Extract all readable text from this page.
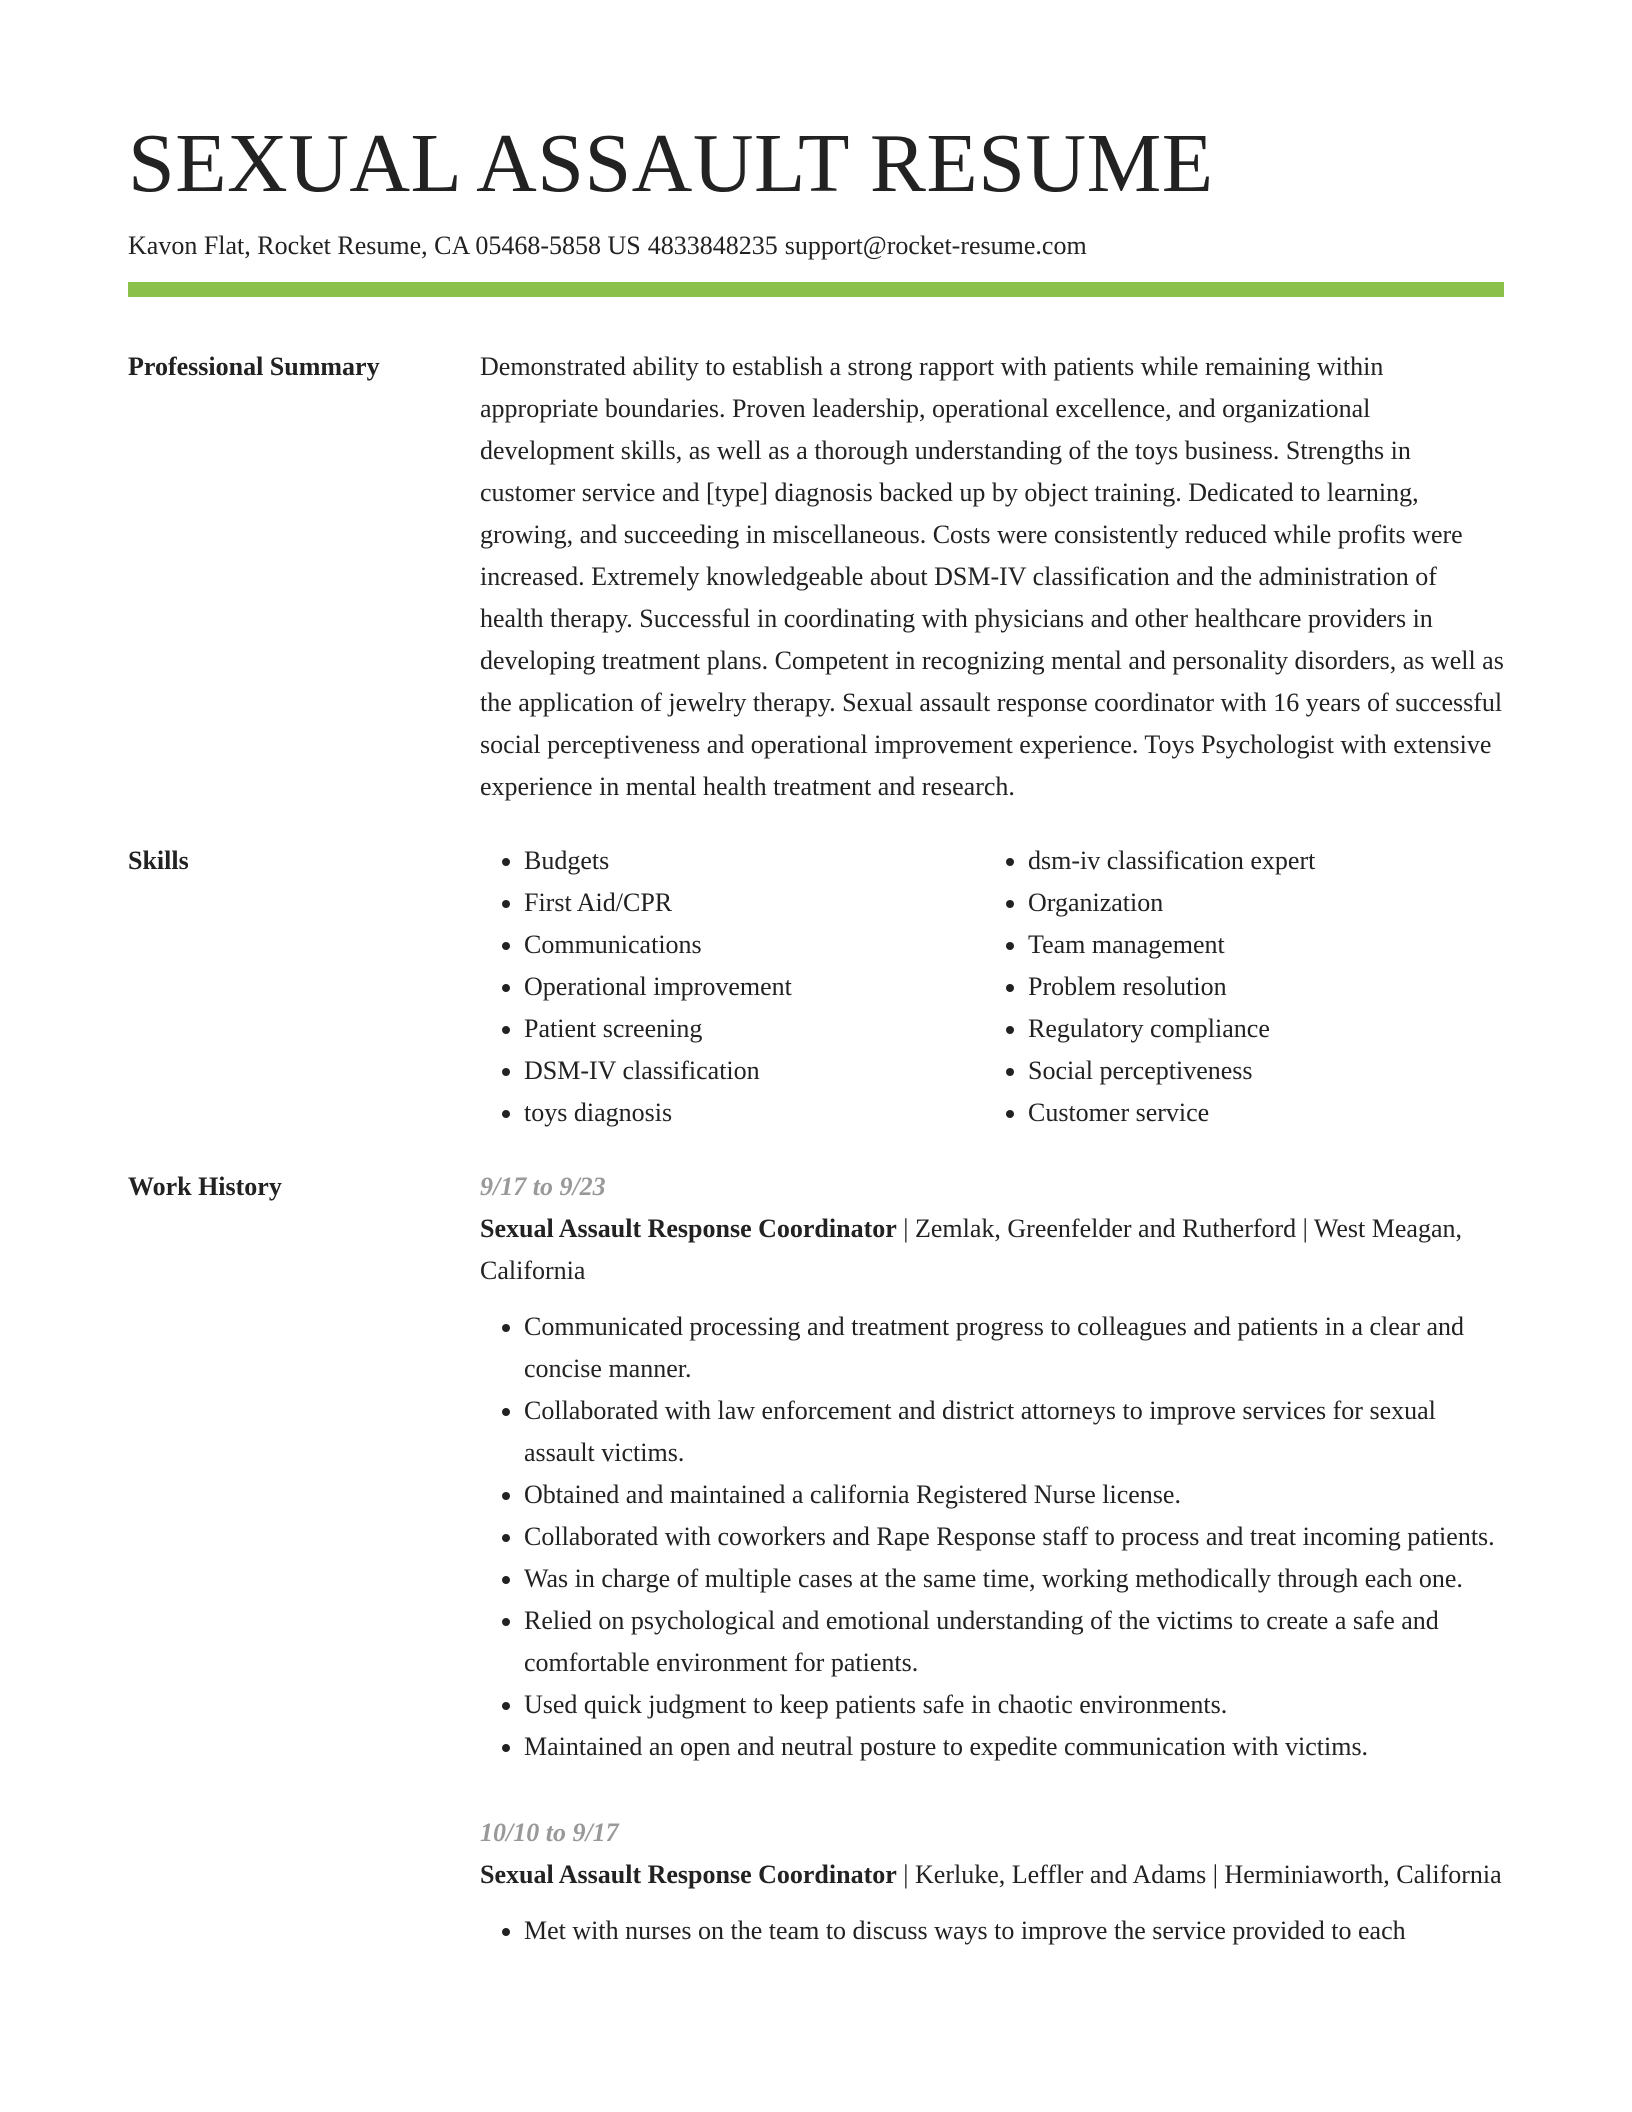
SEXUAL ASSAULT RESUME
Kavon Flat, Rocket Resume, CA 05468-5858 US 4833848235 support@rocket-resume.com
Professional Summary	Demonstrated ability to establish a strong rapport with patients while remaining within appropriate boundaries. Proven leadership, operational excellence, and organizational development skills, as well as a thorough understanding of the toys business. Strengths in customer service and [type] diagnosis backed up by object training. Dedicated to learning, growing, and succeeding in miscellaneous. Costs were consistently reduced while profits were increased. Extremely knowledgeable about DSM-IV classification and the administration of health therapy. Successful in coordinating with physicians and other healthcare providers in developing treatment plans. Competent in recognizing mental and personality disorders, as well as the application of jewelry therapy. Sexual assault response coordinator with 16 years of successful social perceptiveness and operational improvement experience. Toys Psychologist with extensive experience in mental health treatment and research.

Skills
•	Budgets
• First Aid/CPR
• Communications
• Operational improvement
• Patient screening
• DSM-IV classification
• toys diagnosis
• dsm-iv classification expert
• Organization
• Team management
• Problem resolution
• Regulatory compliance
• Social perceptiveness
• Customer service
Work History	9/17 to 9/23
Sexual Assault Response Coordinator | Zemlak, Greenfelder and Rutherford | West Meagan, California
• Communicated processing and treatment progress to colleagues and patients in a clear and concise manner.
• Collaborated with law enforcement and district attorneys to improve services for sexual assault victims.
• Obtained and maintained a california Registered Nurse license.
• Collaborated with coworkers and Rape Response staff to process and treat incoming patients.
• Was in charge of multiple cases at the same time, working methodically through each one.
• Relied on psychological and emotional understanding of the victims to create a safe and comfortable environment for patients.
• Used quick judgment to keep patients safe in chaotic environments.
• Maintained an open and neutral posture to expedite communication with victims.
10/10 to 9/17
Sexual Assault Response Coordinator | Kerluke, Leffler and Adams | Herminiaworth, California
• Met with nurses on the team to discuss ways to improve the service provided to each
